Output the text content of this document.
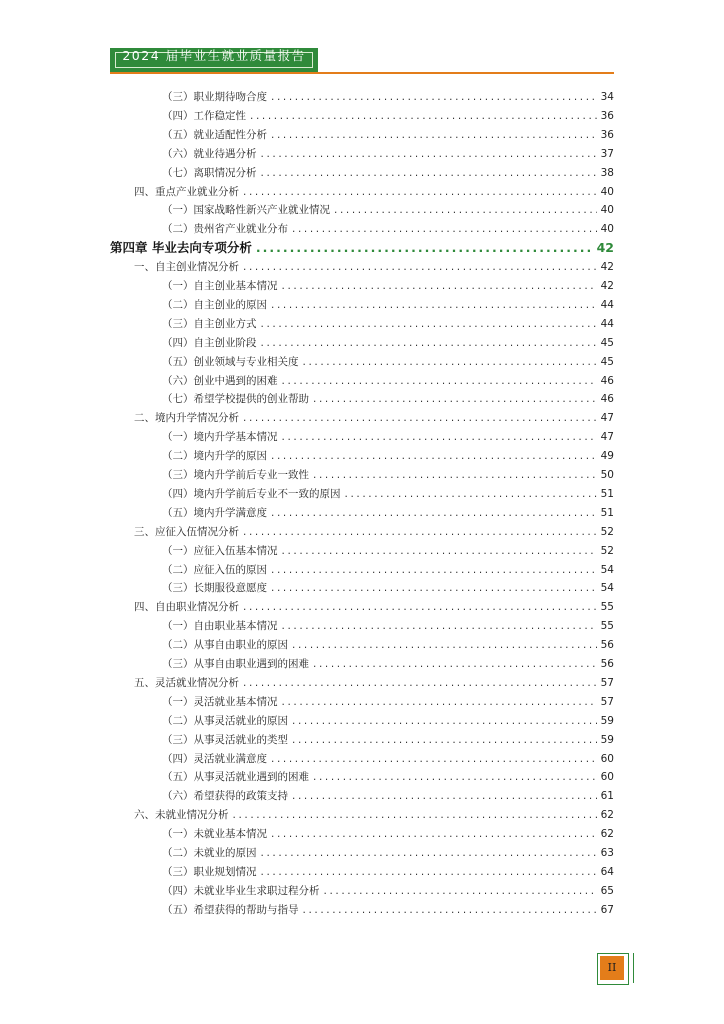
2024 届毕业生就业质量报告
（三）职业期待吻合度 .....	34
（四）工作稳定性 .....	36
（五）就业适配性分析 .....	36
（六）就业待遇分析 .....	37
（七）离职情况分析 .....	38
四、重点产业就业分析 .....	40
（一）国家战略性新兴产业就业情况 .....	40
（二）贵州省产业就业分布 .....	40
第四章 毕业去向专项分析 .....	42
一、自主创业情况分析 .....	42
（一）自主创业基本情况 .....	42
（二）自主创业的原因 .....	44
（三）自主创业方式 .....	44
（四）自主创业阶段 .....	45
（五）创业领域与专业相关度 .....	45
（六）创业中遇到的困难 .....	46
（七）希望学校提供的创业帮助 .....	46
二、境内升学情况分析 .....	47
（一）境内升学基本情况 .....	47
（二）境内升学的原因 .....	49
（三）境内升学前后专业一致性 .....	50
（四）境内升学前后专业不一致的原因 .....	51
（五）境内升学满意度 .....	51
三、应征入伍情况分析 .....	52
（一）应征入伍基本情况 .....	52
（二）应征入伍的原因 .....	54
（三）长期服役意愿度 .....	54
四、自由职业情况分析 .....	55
（一）自由职业基本情况 .....	55
（二）从事自由职业的原因 .....	56
（三）从事自由职业遇到的困难 .....	56
五、灵活就业情况分析 .....	57
（一）灵活就业基本情况 .....	57
（二）从事灵活就业的原因 .....	59
（三）从事灵活就业的类型 .....	59
（四）灵活就业满意度 .....	60
（五）从事灵活就业遇到的困难 .....	60
（六）希望获得的政策支持 .....	61
六、未就业情况分析 .....	62
（一）未就业基本情况 .....	62
（二）未就业的原因 .....	63
（三）职业规划情况 .....	64
（四）未就业毕业生求职过程分析 .....	65
（五）希望获得的帮助与指导 .....	67
II
